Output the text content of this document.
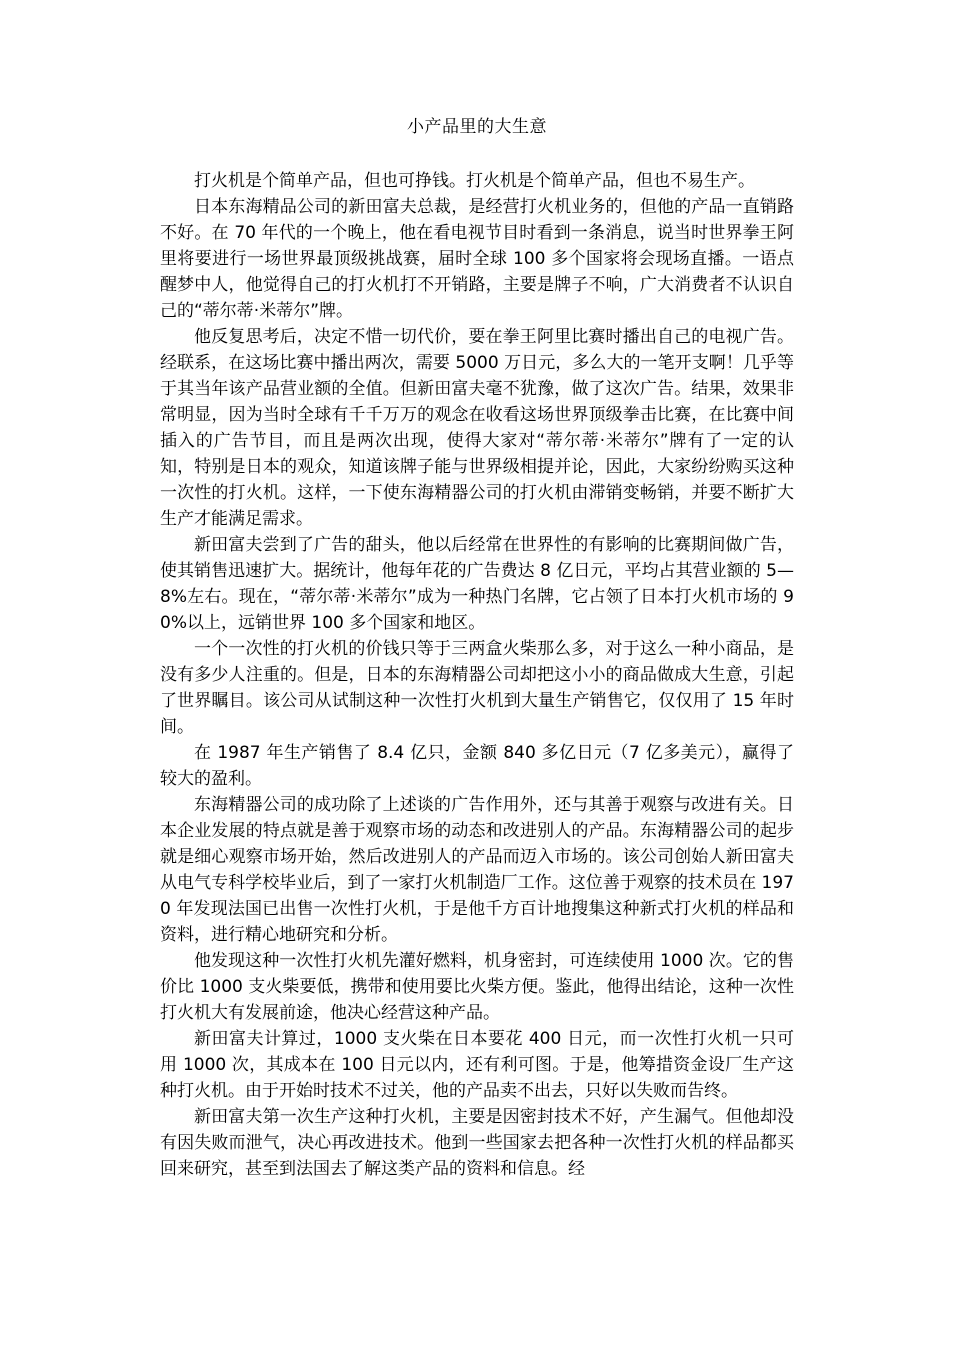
小产品里的大生意

打火机是个简单产品，但也可挣钱。打火机是个简单产品，但也不易生产。

日本东海精品公司的新田富夫总裁，是经营打火机业务的，但他的产品一直销路不好。在 70 年代的一个晚上，他在看电视节目时看到一条消息，说当时世界拳王阿里将要进行一场世界最顶级挑战赛，届时全球 100 多个国家将会现场直播。一语点醒梦中人，他觉得自己的打火机打不开销路，主要是牌子不响，广大消费者不认识自己的“蒂尔蒂·米蒂尔”牌。

他反复思考后，决定不惜一切代价，要在拳王阿里比赛时播出自己的电视广告。经联系，在这场比赛中播出两次，需要 5000 万日元，多么大的一笔开支啊！几乎等于其当年该产品营业额的全值。但新田富夫毫不犹豫，做了这次广告。结果，效果非常明显，因为当时全球有千千万万的观念在收看这场世界顶级拳击比赛，在比赛中间插入的广告节目，而且是两次出现，使得大家对“蒂尔蒂·米蒂尔”牌有了一定的认知，特别是日本的观众，知道该牌子能与世界级相提并论，因此，大家纷纷购买这种一次性的打火机。这样，一下使东海精器公司的打火机由滞销变畅销，并要不断扩大生产才能满足需求。

新田富夫尝到了广告的甜头，他以后经常在世界性的有影响的比赛期间做广告，使其销售迅速扩大。据统计，他每年花的广告费达 8 亿日元，平均占其营业额的 5—8%左右。现在，“蒂尔蒂·米蒂尔”成为一种热门名牌，它占领了日本打火机市场的 90%以上，远销世界 100 多个国家和地区。

一个一次性的打火机的价钱只等于三两盒火柴那么多，对于这么一种小商品，是没有多少人注重的。但是，日本的东海精器公司却把这小小的商品做成大生意，引起了世界瞩目。该公司从试制这种一次性打火机到大量生产销售它，仅仅用了 15 年时间。

在 1987 年生产销售了 8.4 亿只，金额 840 多亿日元（7 亿多美元），赢得了较大的盈利。

东海精器公司的成功除了上述谈的广告作用外，还与其善于观察与改进有关。日本企业发展的特点就是善于观察市场的动态和改进别人的产品。东海精器公司的起步就是细心观察市场开始，然后改进别人的产品而迈入市场的。该公司创始人新田富夫从电气专科学校毕业后，到了一家打火机制造厂工作。这位善于观察的技术员在 1970 年发现法国已出售一次性打火机，于是他千方百计地搜集这种新式打火机的样品和资料，进行精心地研究和分析。

他发现这种一次性打火机先灌好燃料，机身密封，可连续使用 1000 次。它的售价比 1000 支火柴要低，携带和使用要比火柴方便。鉴此，他得出结论，这种一次性打火机大有发展前途，他决心经营这种产品。

新田富夫计算过，1000 支火柴在日本要花 400 日元，而一次性打火机一只可用 1000 次，其成本在 100 日元以内，还有利可图。于是，他筹措资金设厂生产这种打火机。由于开始时技术不过关，他的产品卖不出去，只好以失败而告终。

新田富夫第一次生产这种打火机，主要是因密封技术不好，产生漏气。但他却没有因失败而泄气，决心再改进技术。他到一些国家去把各种一次性打火机的样品都买回来研究，甚至到法国去了解这类产品的资料和信息。经
